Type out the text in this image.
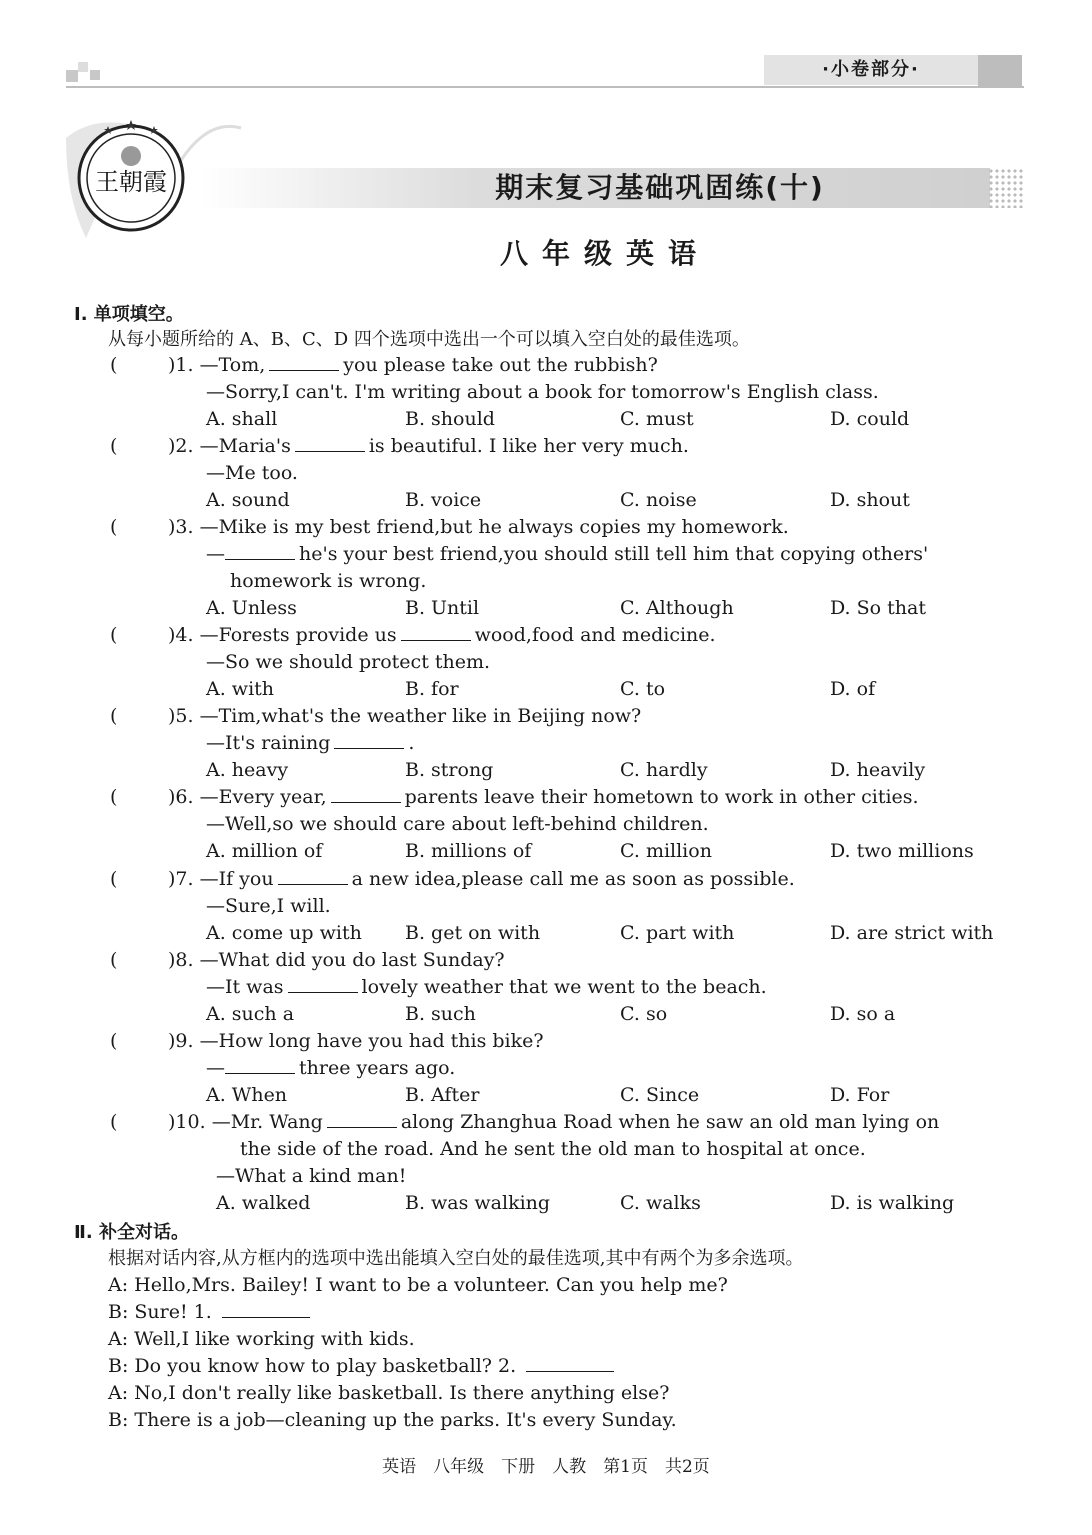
·小卷部分·
王朝霞	期末复习基础巩固练(十)
八年级英语
Ⅰ. 单项填空。
从每小题所给的 A、B、C、D 四个选项中选出一个可以填入空白处的最佳选项。
(	)1. —Tom,	you please take out the rubbish?
—Sorry,I can't. I'm writing about a book for tomorrow's English class.
A. shall	B. should	C. must	D. could
(	)2. —Maria's	is beautiful. I like her very much.
—Me too.
A. sound	B. voice	C. noise	D. shout
(	)3. —Mike is my best friend,but he always copies my homework.
—	he's your best friend,you should still tell him that copying others'
homework is wrong.
A. Unless	B. Until	C. Although	D. So that
(	)4. —Forests provide us	wood,food and medicine.
—So we should protect them.
A. with	B. for	C. to	D. of
(	)5. —Tim,what's the weather like in Beijing now?
—It's raining	.
A. heavy	B. strong	C. hardly	D. heavily
(	)6. —Every year,	parents leave their hometown to work in other cities.
—Well,so we should care about left-behind children.
A. million of	B. millions of	C. million	D. two millions
(	)7. —If you	a new idea,please call me as soon as possible.
—Sure,I will.
A. come up with B. get on with	C. part with	D. are strict with
(	)8. —What did you do last Sunday?
—It was	lovely weather that we went to the beach.
A. such a	B. such	C. so	D. so a
(	)9. —How long have you had this bike?
—	three years ago.
A. When	B. After	C. Since	D. For
(	)10. —Mr. Wang	along Zhanghua Road when he saw an old man lying on
the side of the road. And he sent the old man to hospital at once.
—What a kind man!
A. walked	B. was walking	C. walks	D. is walking
Ⅱ. 补全对话。
根据对话内容,从方框内的选项中选出能填入空白处的最佳选项,其中有两个为多余选项。
A: Hello,Mrs. Bailey! I want to be a volunteer. Can you help me?
B: Sure! 1.
A: Well,I like working with kids.
B: Do you know how to play basketball? 2.
A: No,I don't really like basketball. Is there anything else?
B: There is a job—cleaning up the parks. It's every Sunday.
英语　八年级　下册　人教　第1页　共2页
